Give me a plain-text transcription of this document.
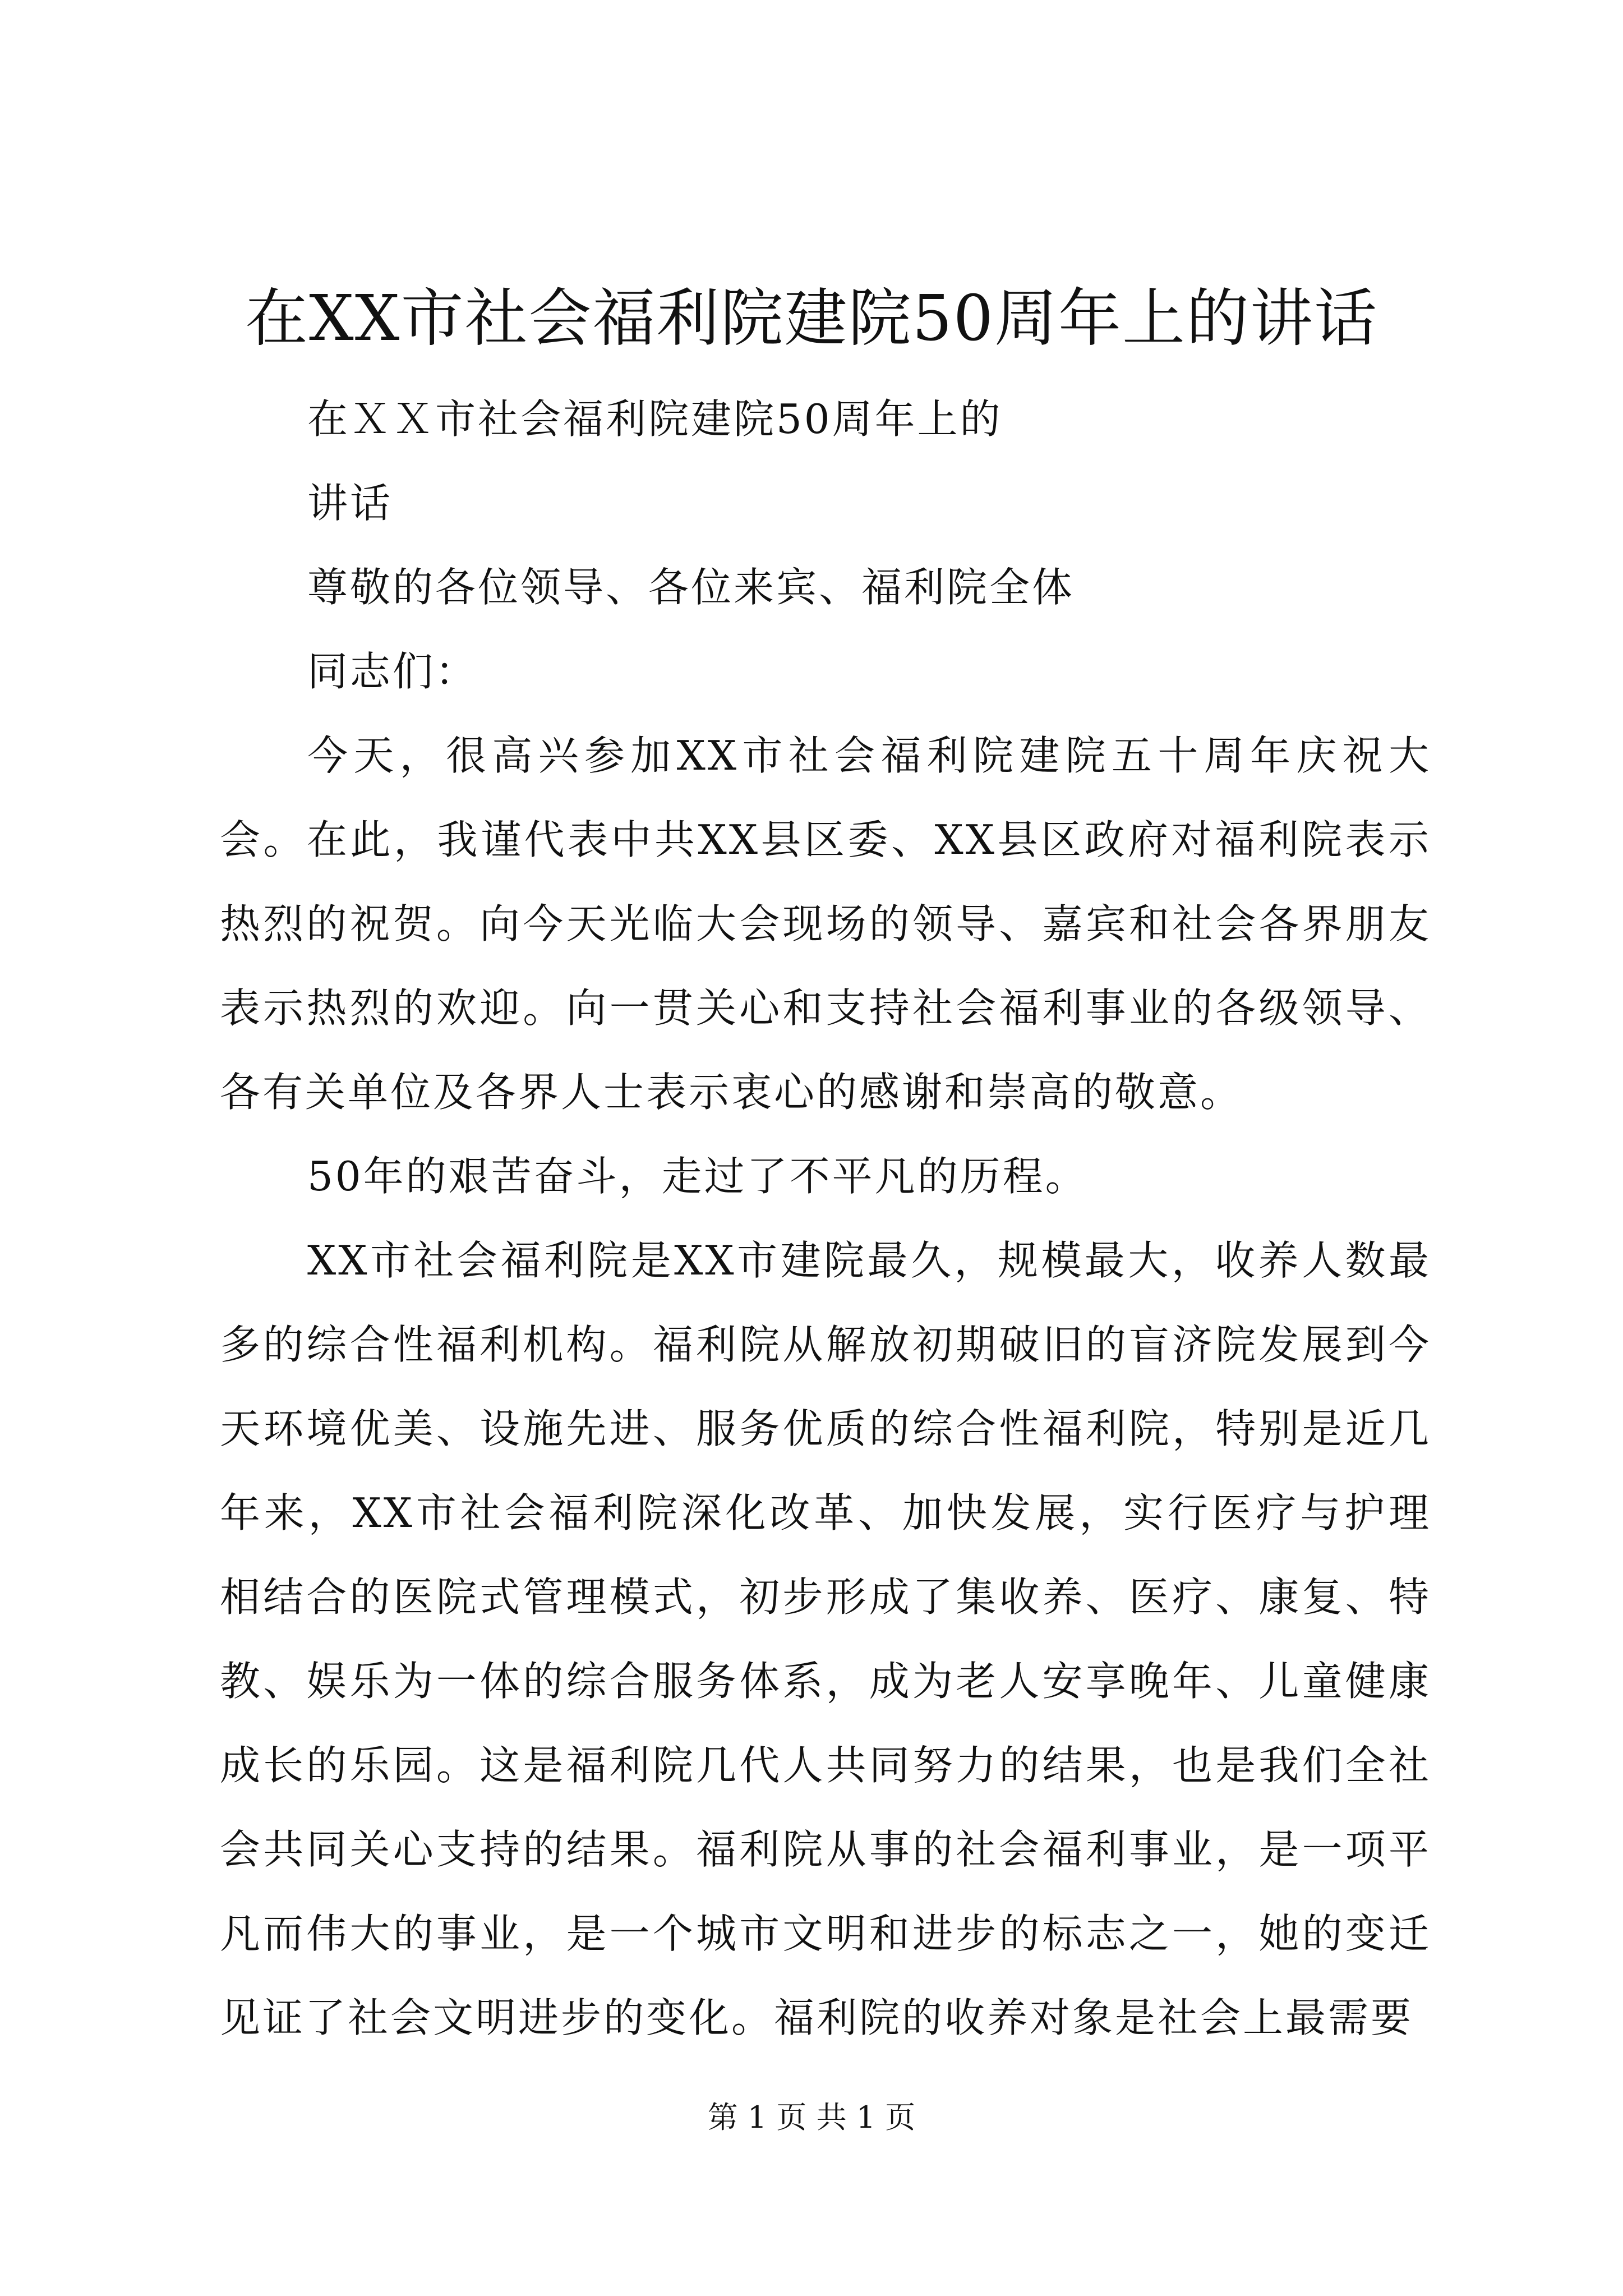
在XX市社会福利院建院50周年上的讲话

在ＸＸ市社会福利院建院50周年上的

讲话

尊敬的各位领导、各位来宾、福利院全体

同志们：

今天，很高兴参加XX市社会福利院建院五十周年庆祝大会。在此，我谨代表中共XX县区委、XX县区政府对福利院表示热烈的祝贺。向今天光临大会现场的领导、嘉宾和社会各界朋友表示热烈的欢迎。向一贯关心和支持社会福利事业的各级领导、各有关单位及各界人士表示衷心的感谢和崇高的敬意。

50年的艰苦奋斗，走过了不平凡的历程。

XX市社会福利院是XX市建院最久，规模最大，收养人数最多的综合性福利机构。福利院从解放初期破旧的盲济院发展到今天环境优美、设施先进、服务优质的综合性福利院，特别是近几年来，XX市社会福利院深化改革、加快发展，实行医疗与护理相结合的医院式管理模式，初步形成了集收养、医疗、康复、特教、娱乐为一体的综合服务体系，成为老人安享晚年、儿童健康成长的乐园。这是福利院几代人共同努力的结果，也是我们全社会共同关心支持的结果。福利院从事的社会福利事业，是一项平凡而伟大的事业，是一个城市文明和进步的标志之一，她的变迁见证了社会文明进步的变化。福利院的收养对象是社会上最需要

第 1 页 共 1 页
